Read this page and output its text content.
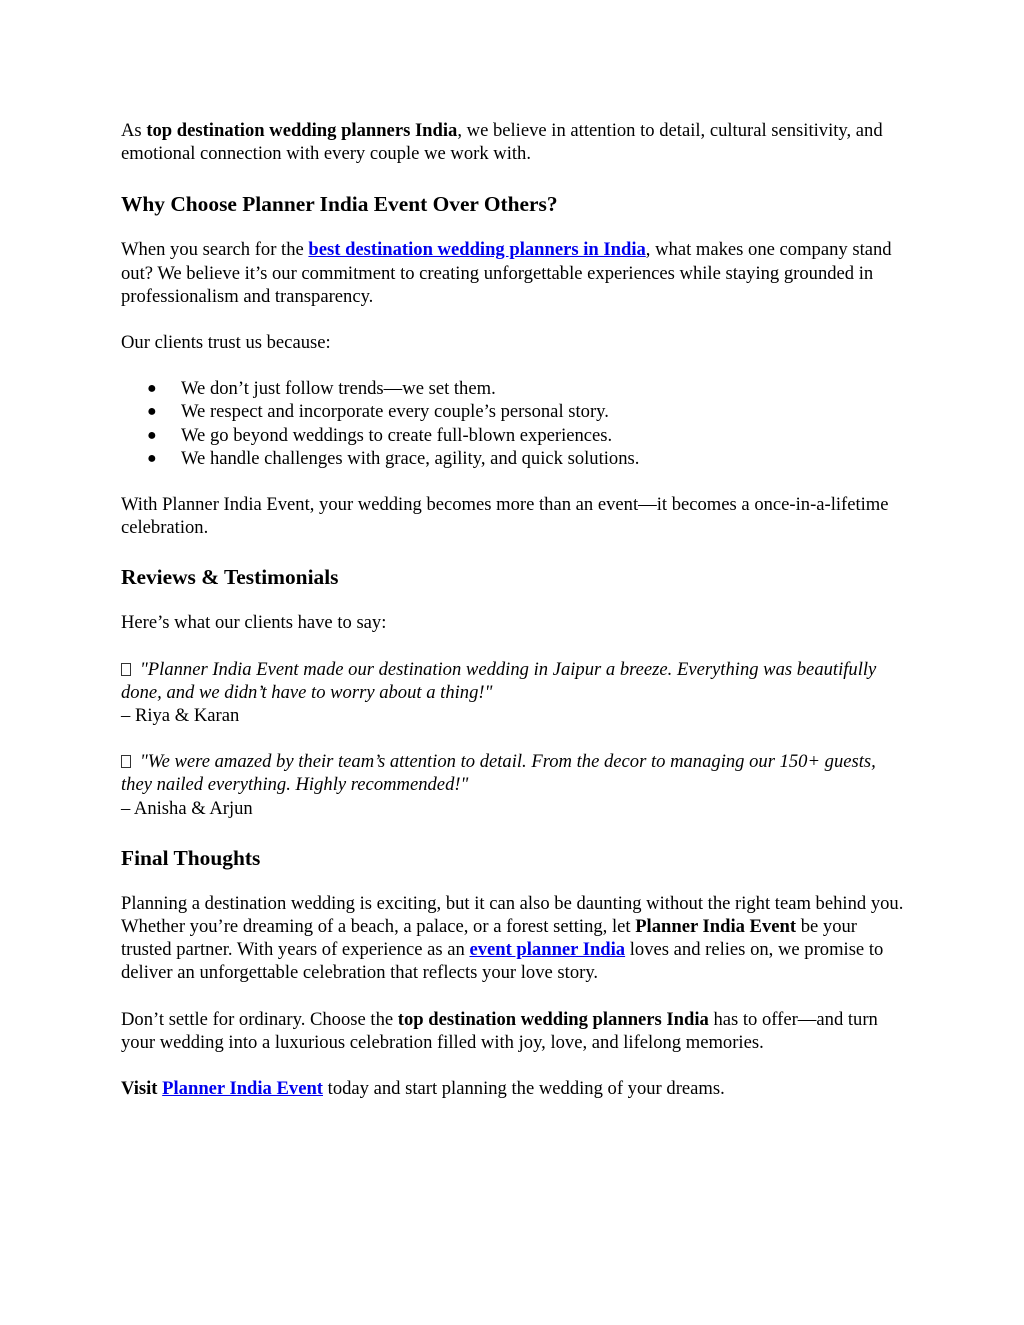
As top destination wedding planners India, we believe in attention to detail, cultural sensitivity, and emotional connection with every couple we work with.

Why Choose Planner India Event Over Others?

When you search for the best destination wedding planners in India, what makes one company stand out? We believe it’s our commitment to creating unforgettable experiences while staying grounded in professionalism and transparency.

Our clients trust us because:

● We don’t just follow trends—we set them.
● We respect and incorporate every couple’s personal story.
● We go beyond weddings to create full-blown experiences.
● We handle challenges with grace, agility, and quick solutions.

With Planner India Event, your wedding becomes more than an event—it becomes a once-in-a-lifetime celebration.

Reviews & Testimonials

Here’s what our clients have to say:

"Planner India Event made our destination wedding in Jaipur a breeze. Everything was beautifully done, and we didn’t have to worry about a thing!"
– Riya & Karan

"We were amazed by their team’s attention to detail. From the decor to managing our 150+ guests, they nailed everything. Highly recommended!"
– Anisha & Arjun

Final Thoughts

Planning a destination wedding is exciting, but it can also be daunting without the right team behind you. Whether you’re dreaming of a beach, a palace, or a forest setting, let Planner India Event be your trusted partner. With years of experience as an event planner India loves and relies on, we promise to deliver an unforgettable celebration that reflects your love story.

Don’t settle for ordinary. Choose the top destination wedding planners India has to offer—and turn your wedding into a luxurious celebration filled with joy, love, and lifelong memories.

Visit Planner India Event today and start planning the wedding of your dreams.
